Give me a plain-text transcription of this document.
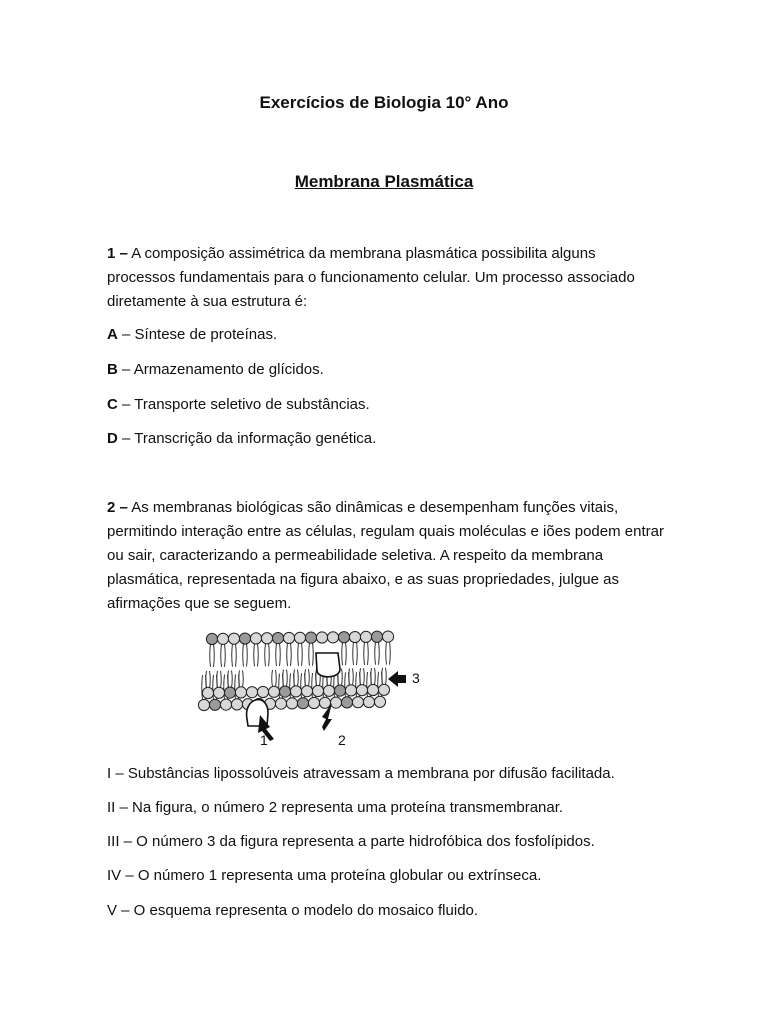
Exercícios de Biologia 10° Ano
Membrana Plasmática
1 – A composição assimétrica da membrana plasmática possibilita alguns processos fundamentais para o funcionamento celular. Um processo associado diretamente à sua estrutura é:
A – Síntese de proteínas.
B – Armazenamento de glícidos.
C – Transporte seletivo de substâncias.
D – Transcrição da informação genética.
2 – As membranas biológicas são dinâmicas e desempenham funções vitais, permitindo interação entre as células, regulam quais moléculas e iões podem entrar ou sair, caracterizando a permeabilidade seletiva. A respeito da membrana plasmática, representada na figura abaixo, e as suas propriedades, julgue as afirmações que se seguem.
3
1	2
I – Substâncias lipossolúveis atravessam a membrana por difusão facilitada.
II – Na figura, o número 2 representa uma proteína transmembranar.
III – O número 3 da figura representa a parte hidrofóbica dos fosfolípidos.
IV – O número 1 representa uma proteína globular ou extrínseca.
V – O esquema representa o modelo do mosaico fluido.
